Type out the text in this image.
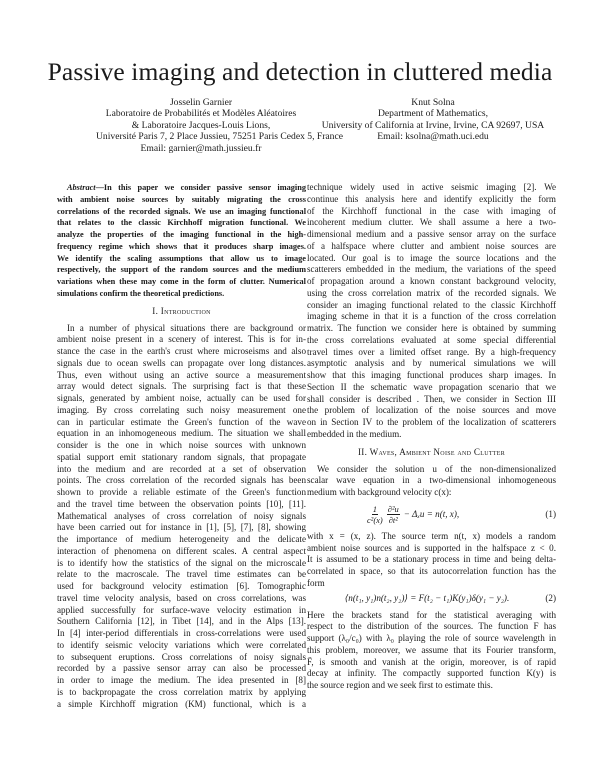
Passive imaging and detection in cluttered media
Josselin Garnier
Laboratoire de Probabilités et Modèles Aléatoires
& Laboratoire Jacques-Louis Lions,
Université Paris 7, 2 Place Jussieu, 75251 Paris Cedex 5, France
Email: garnier@math.jussieu.fr
Knut Solna
Department of Mathematics,
University of California at Irvine, Irvine, CA 92697, USA
Email: ksolna@math.uci.edu
Abstract—In this paper we consider passive sensor imaging
with ambient noise sources by suitably migrating the cross
correlations of the recorded signals. We use an imaging functional
that relates to the classic Kirchhoff migration functional. We
analyze the properties of the imaging functional in the high-
frequency regime which shows that it produces sharp images.
We identify the scaling assumptions that allow us to image
respectively, the support of the random sources and the medium
variations when these may come in the form of clutter. Numerical
simulations confirm the theoretical predictions.
I. Introduction
In a number of physical situations there are background or
ambient noise present in a scenery of interest. This is for in-
stance the case in the earth's crust where microseisms and also
signals due to ocean swells can propagate over long distances.
Thus, even without using an active source a measurement
array would detect signals. The surprising fact is that these
signals, generated by ambient noise, actually can be used for
imaging. By cross correlating such noisy measurement one
can in particular estimate the Green's function of the wave
equation in an inhomogeneous medium. The situation we shall
consider is the one in which noise sources with unknown
spatial support emit stationary random signals, that propagate
into the medium and are recorded at a set of observation
points. The cross correlation of the recorded signals has been
shown to provide a reliable estimate of the Green's function
and the travel time between the observation points [10], [11].
Mathematical analyses of cross correlation of noisy signals
have been carried out for instance in [1], [5], [7], [8], showing
the importance of medium heterogeneity and the delicate
interaction of phenomena on different scales. A central aspect
is to identify how the statistics of the signal on the microscale
relate to the macroscale. The travel time estimates can be
used for background velocity estimation [6]. Tomographic
travel time velocity analysis, based on cross correlations, was
applied successfully for surface-wave velocity estimation in
Southern California [12], in Tibet [14], and in the Alps [13].
In [4] inter-period differentials in cross-correlations were used
to identify seismic velocity variations which were correlated
to subsequent eruptions. Cross correlations of noisy signals
recorded by a passive sensor array can also be processed
in order to image the medium. The idea presented in [8]
is to backpropagate the cross correlation matrix by applying
a simple Kirchhoff migration (KM) functional, which is a
technique widely used in active seismic imaging [2]. We
continue this analysis here and identify explicitly the form
of the Kirchhoff functional in the case with imaging of
incoherent medium clutter. We shall assume a here a two-
dimensional medium and a passive sensor array on the surface
of a halfspace where clutter and ambient noise sources are
located. Our goal is to image the source locations and the
scatterers embedded in the medium, the variations of the speed
of propagation around a known constant background velocity,
using the cross correlation matrix of the recorded signals. We
consider an imaging functional related to the classic Kirchhoff
imaging scheme in that it is a function of the cross correlation
matrix. The function we consider here is obtained by summing
the cross correlations evaluated at some special differential
travel times over a limited offset range. By a high-frequency
asymptotic analysis and by numerical simulations we will
show that this imaging functional produces sharp images. In
Section II the schematic wave propagation scenario that we
shall consider is described . Then, we consider in Section III
the problem of localization of the noise sources and move
on in Section IV to the problem of the localization of scatterers
embedded in the medium.
II. Waves, Ambient Noise and Clutter
We consider the solution u of the non-dimensionalized
scalar wave equation in a two-dimensional inhomogeneous
medium with background velocity c(x):
$\frac{1}{\text{c²(x)}} \frac{\text{∂²u}}{\text{∂t²}} - \Delta_xu = n(t$, x),	(1)
with x = (x, z). The source term n(t, x) models a random
ambient noise sources and is supported in the halfspace z < 0.
It is assumed to be a stationary process in time and being delta-
correlated in space, so that its autocorrelation function has the
form
⟨n(t₁, y₁)n(t₂, y₂)⟩ = F(t₂ − t₁)K(y₁)δ(y₁ − y₂).	(2)
Here the brackets stand for the statistical averaging with
respect to the distribution of the sources. The function F has
support (λ₀/c₀) with λ₀ playing the role of source wavelength in
this problem, moreover, we assume that its Fourier transform,
F̂, is smooth and vanish at the origin, moreover, is of rapid
decay at infinity. The compactly supported function K(y) is
the source region and we seek first to estimate this.
